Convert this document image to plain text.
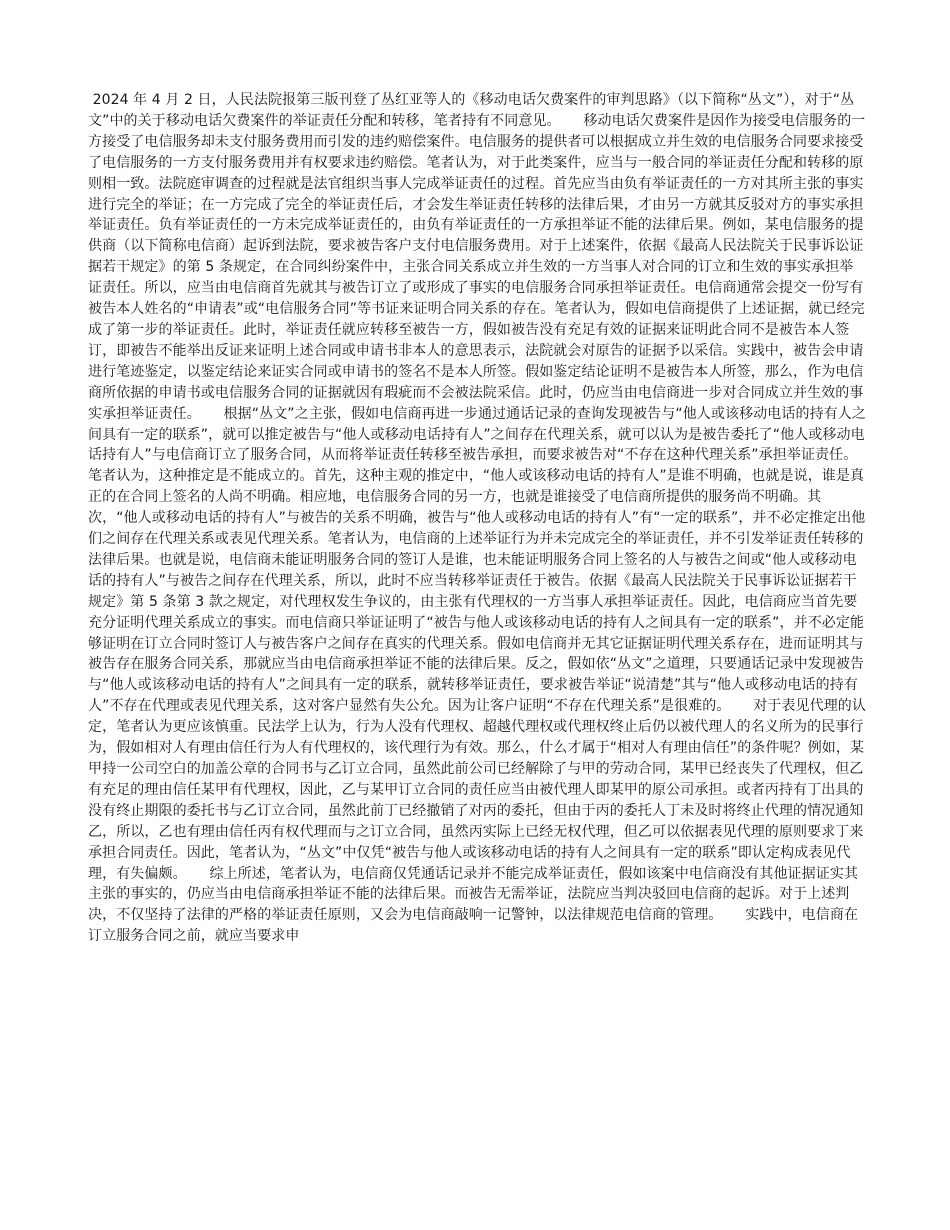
2024 年 4 月 2 日，人民法院报第三版刊登了丛红亚等人的《移动电话欠费案件的审判思路》（以下简称“丛文”），对于“丛文”中的关于移动电话欠费案件的举证责任分配和转移，笔者持有不同意见。     移动电话欠费案件是因作为接受电信服务的一方接受了电信服务却未支付服务费用而引发的违约赔偿案件。电信服务的提供者可以根据成立并生效的电信服务合同要求接受了电信服务的一方支付服务费用并有权要求违约赔偿。笔者认为，对于此类案件，应当与一般合同的举证责任分配和转移的原则相一致。法院庭审调查的过程就是法官组织当事人完成举证责任的过程。首先应当由负有举证责任的一方对其所主张的事实进行完全的举证；在一方完成了完全的举证责任后，才会发生举证责任转移的法律后果，才由另一方就其反驳对方的事实承担举证责任。负有举证责任的一方未完成举证责任的，由负有举证责任的一方承担举证不能的法律后果。例如，某电信服务的提供商（以下简称电信商）起诉到法院，要求被告客户支付电信服务费用。对于上述案件，依据《最高人民法院关于民事诉讼证据若干规定》的第 5 条规定，在合同纠纷案件中，主张合同关系成立并生效的一方当事人对合同的订立和生效的事实承担举证责任。所以，应当由电信商首先就其与被告订立了或形成了事实的电信服务合同承担举证责任。电信商通常会提交一份写有被告本人姓名的“申请表”或“电信服务合同”等书证来证明合同关系的存在。笔者认为，假如电信商提供了上述证据，就已经完成了第一步的举证责任。此时，举证责任就应转移至被告一方，假如被告没有充足有效的证据来证明此合同不是被告本人签订，即被告不能举出反证来证明上述合同或申请书非本人的意思表示，法院就会对原告的证据予以采信。实践中，被告会申请进行笔迹鉴定，以鉴定结论来证实合同或申请书的签名不是本人所签。假如鉴定结论证明不是被告本人所签，那么，作为电信商所依据的申请书或电信服务合同的证据就因有瑕疵而不会被法院采信。此时，仍应当由电信商进一步对合同成立并生效的事实承担举证责任。     根据“丛文”之主张，假如电信商再进一步通过通话记录的查询发现被告与“他人或该移动电话的持有人之间具有一定的联系”，就可以推定被告与“他人或移动电话持有人”之间存在代理关系，就可以认为是被告委托了“他人或移动电话持有人”与电信商订立了服务合同，从而将举证责任转移至被告承担，而要求被告对“不存在这种代理关系”承担举证责任。笔者认为，这种推定是不能成立的。首先，这种主观的推定中，“他人或该移动电话的持有人”是谁不明确，也就是说，谁是真正的在合同上签名的人尚不明确。相应地，电信服务合同的另一方，也就是谁接受了电信商所提供的服务尚不明确。其次，“他人或移动电话的持有人”与被告的关系不明确，被告与“他人或移动电话的持有人”有“一定的联系”，并不必定推定出他们之间存在代理关系或表见代理关系。笔者认为，电信商的上述举证行为并未完成完全的举证责任，并不引发举证责任转移的法律后果。也就是说，电信商未能证明服务合同的签订人是谁，也未能证明服务合同上签名的人与被告之间或“他人或移动电话的持有人”与被告之间存在代理关系，所以，此时不应当转移举证责任于被告。依据《最高人民法院关于民事诉讼证据若干规定》第 5 条第 3 款之规定，对代理权发生争议的，由主张有代理权的一方当事人承担举证责任。因此，电信商应当首先要充分证明代理关系成立的事实。而电信商只举证证明了“被告与他人或该移动电话的持有人之间具有一定的联系”，并不必定能够证明在订立合同时签订人与被告客户之间存在真实的代理关系。假如电信商并无其它证据证明代理关系存在，进而证明其与被告存在服务合同关系，那就应当由电信商承担举证不能的法律后果。反之，假如依“丛文”之道理，只要通话记录中发现被告与“他人或该移动电话的持有人”之间具有一定的联系，就转移举证责任，要求被告举证“说清楚”其与“他人或移动电话的持有人”不存在代理或表见代理关系，这对客户显然有失公允。因为让客户证明“不存在代理关系”是很难的。     对于表见代理的认定，笔者认为更应该慎重。民法学上认为，行为人没有代理权、超越代理权或代理权终止后仍以被代理人的名义所为的民事行为，假如相对人有理由信任行为人有代理权的，该代理行为有效。那么，什么才属于“相对人有理由信任”的条件呢？例如，某甲持一公司空白的加盖公章的合同书与乙订立合同，虽然此前公司已经解除了与甲的劳动合同，某甲已经丧失了代理权，但乙有充足的理由信任某甲有代理权，因此，乙与某甲订立合同的责任应当由被代理人即某甲的原公司承担。或者丙持有丁出具的没有终止期限的委托书与乙订立合同，虽然此前丁已经撤销了对丙的委托，但由于丙的委托人丁未及时将终止代理的情况通知乙，所以，乙也有理由信任丙有权代理而与之订立合同，虽然丙实际上已经无权代理，但乙可以依据表见代理的原则要求丁来承担合同责任。因此，笔者认为，“丛文”中仅凭“被告与他人或该移动电话的持有人之间具有一定的联系”即认定构成表见代理，有失偏颇。     综上所述，笔者认为，电信商仅凭通话记录并不能完成举证责任，假如该案中电信商没有其他证据证实其主张的事实的，仍应当由电信商承担举证不能的法律后果。而被告无需举证，法院应当判决驳回电信商的起诉。对于上述判决，不仅坚持了法律的严格的举证责任原则，又会为电信商敲响一记警钟，以法律规范电信商的管理。     实践中，电信商在订立服务合同之前，就应当要求申
